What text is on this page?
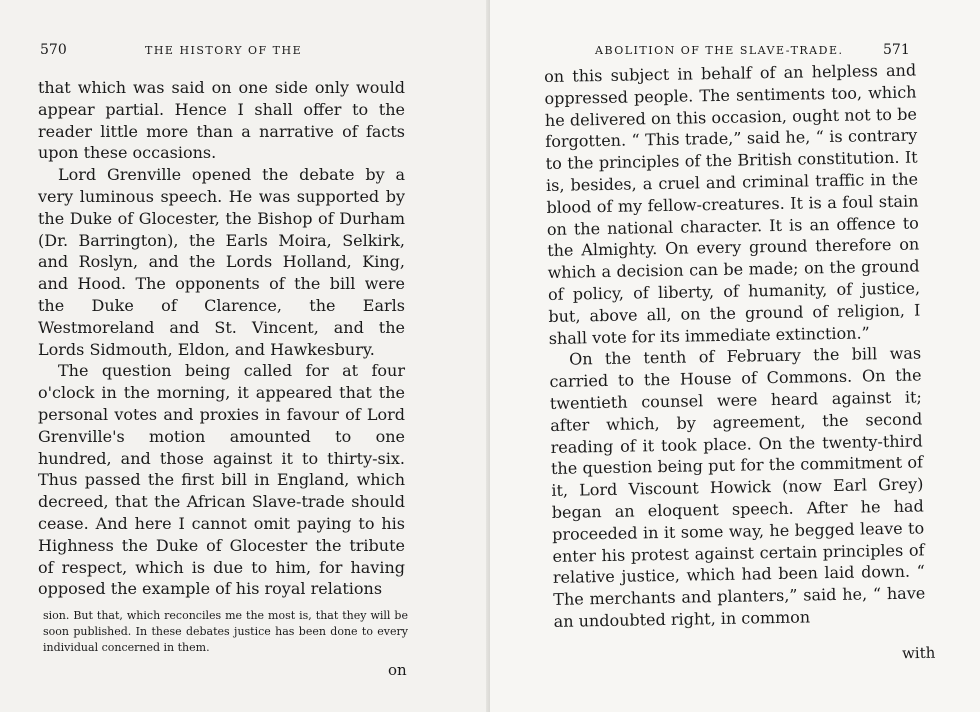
570	THE HISTORY OF THE

that which was said on one side only would appear partial. Hence I shall offer to the reader little more than a narrative of facts upon these occasions.

Lord Grenville opened the debate by a very luminous speech. He was supported by the Duke of Glocester, the Bishop of Durham (Dr. Barrington), the Earls Moira, Selkirk, and Roslyn, and the Lords Holland, King, and Hood. The opponents of the bill were the Duke of Clarence, the Earls Westmoreland and St. Vincent, and the Lords Sidmouth, Eldon, and Hawkesbury.

The question being called for at four o'clock in the morning, it appeared that the personal votes and proxies in favour of Lord Grenville's motion amounted to one hundred, and those against it to thirty-six. Thus passed the first bill in England, which decreed, that the African Slave-trade should cease. And here I cannot omit paying to his Highness the Duke of Glocester the tribute of respect, which is due to him, for having opposed the example of his royal relations

sion. But that, which reconciles me the most is, that they will be soon published. In these debates justice has been done to every individual concerned in them.
on
ABOLITION OF THE SLAVE-TRADE.	571

on this subject in behalf of an helpless and oppressed people. The sentiments too, which he delivered on this occasion, ought not to be forgotten. “ This trade,” said he, “ is contrary to the principles of the British constitution. It is, besides, a cruel and criminal traffic in the blood of my fellow-creatures. It is a foul stain on the national character. It is an offence to the Almighty. On every ground therefore on which a decision can be made; on the ground of policy, of liberty, of humanity, of justice, but, above all, on the ground of religion, I shall vote for its immediate extinction.”

On the tenth of February the bill was carried to the House of Commons. On the twentieth counsel were heard against it; after which, by agreement, the second reading of it took place. On the twenty-third the question being put for the commitment of it, Lord Viscount Howick (now Earl Grey) began an eloquent speech. After he had proceeded in it some way, he begged leave to enter his protest against certain principles of relative justice, which had been laid down. “ The merchants and planters,” said he, “ have an undoubted right, in common

with
